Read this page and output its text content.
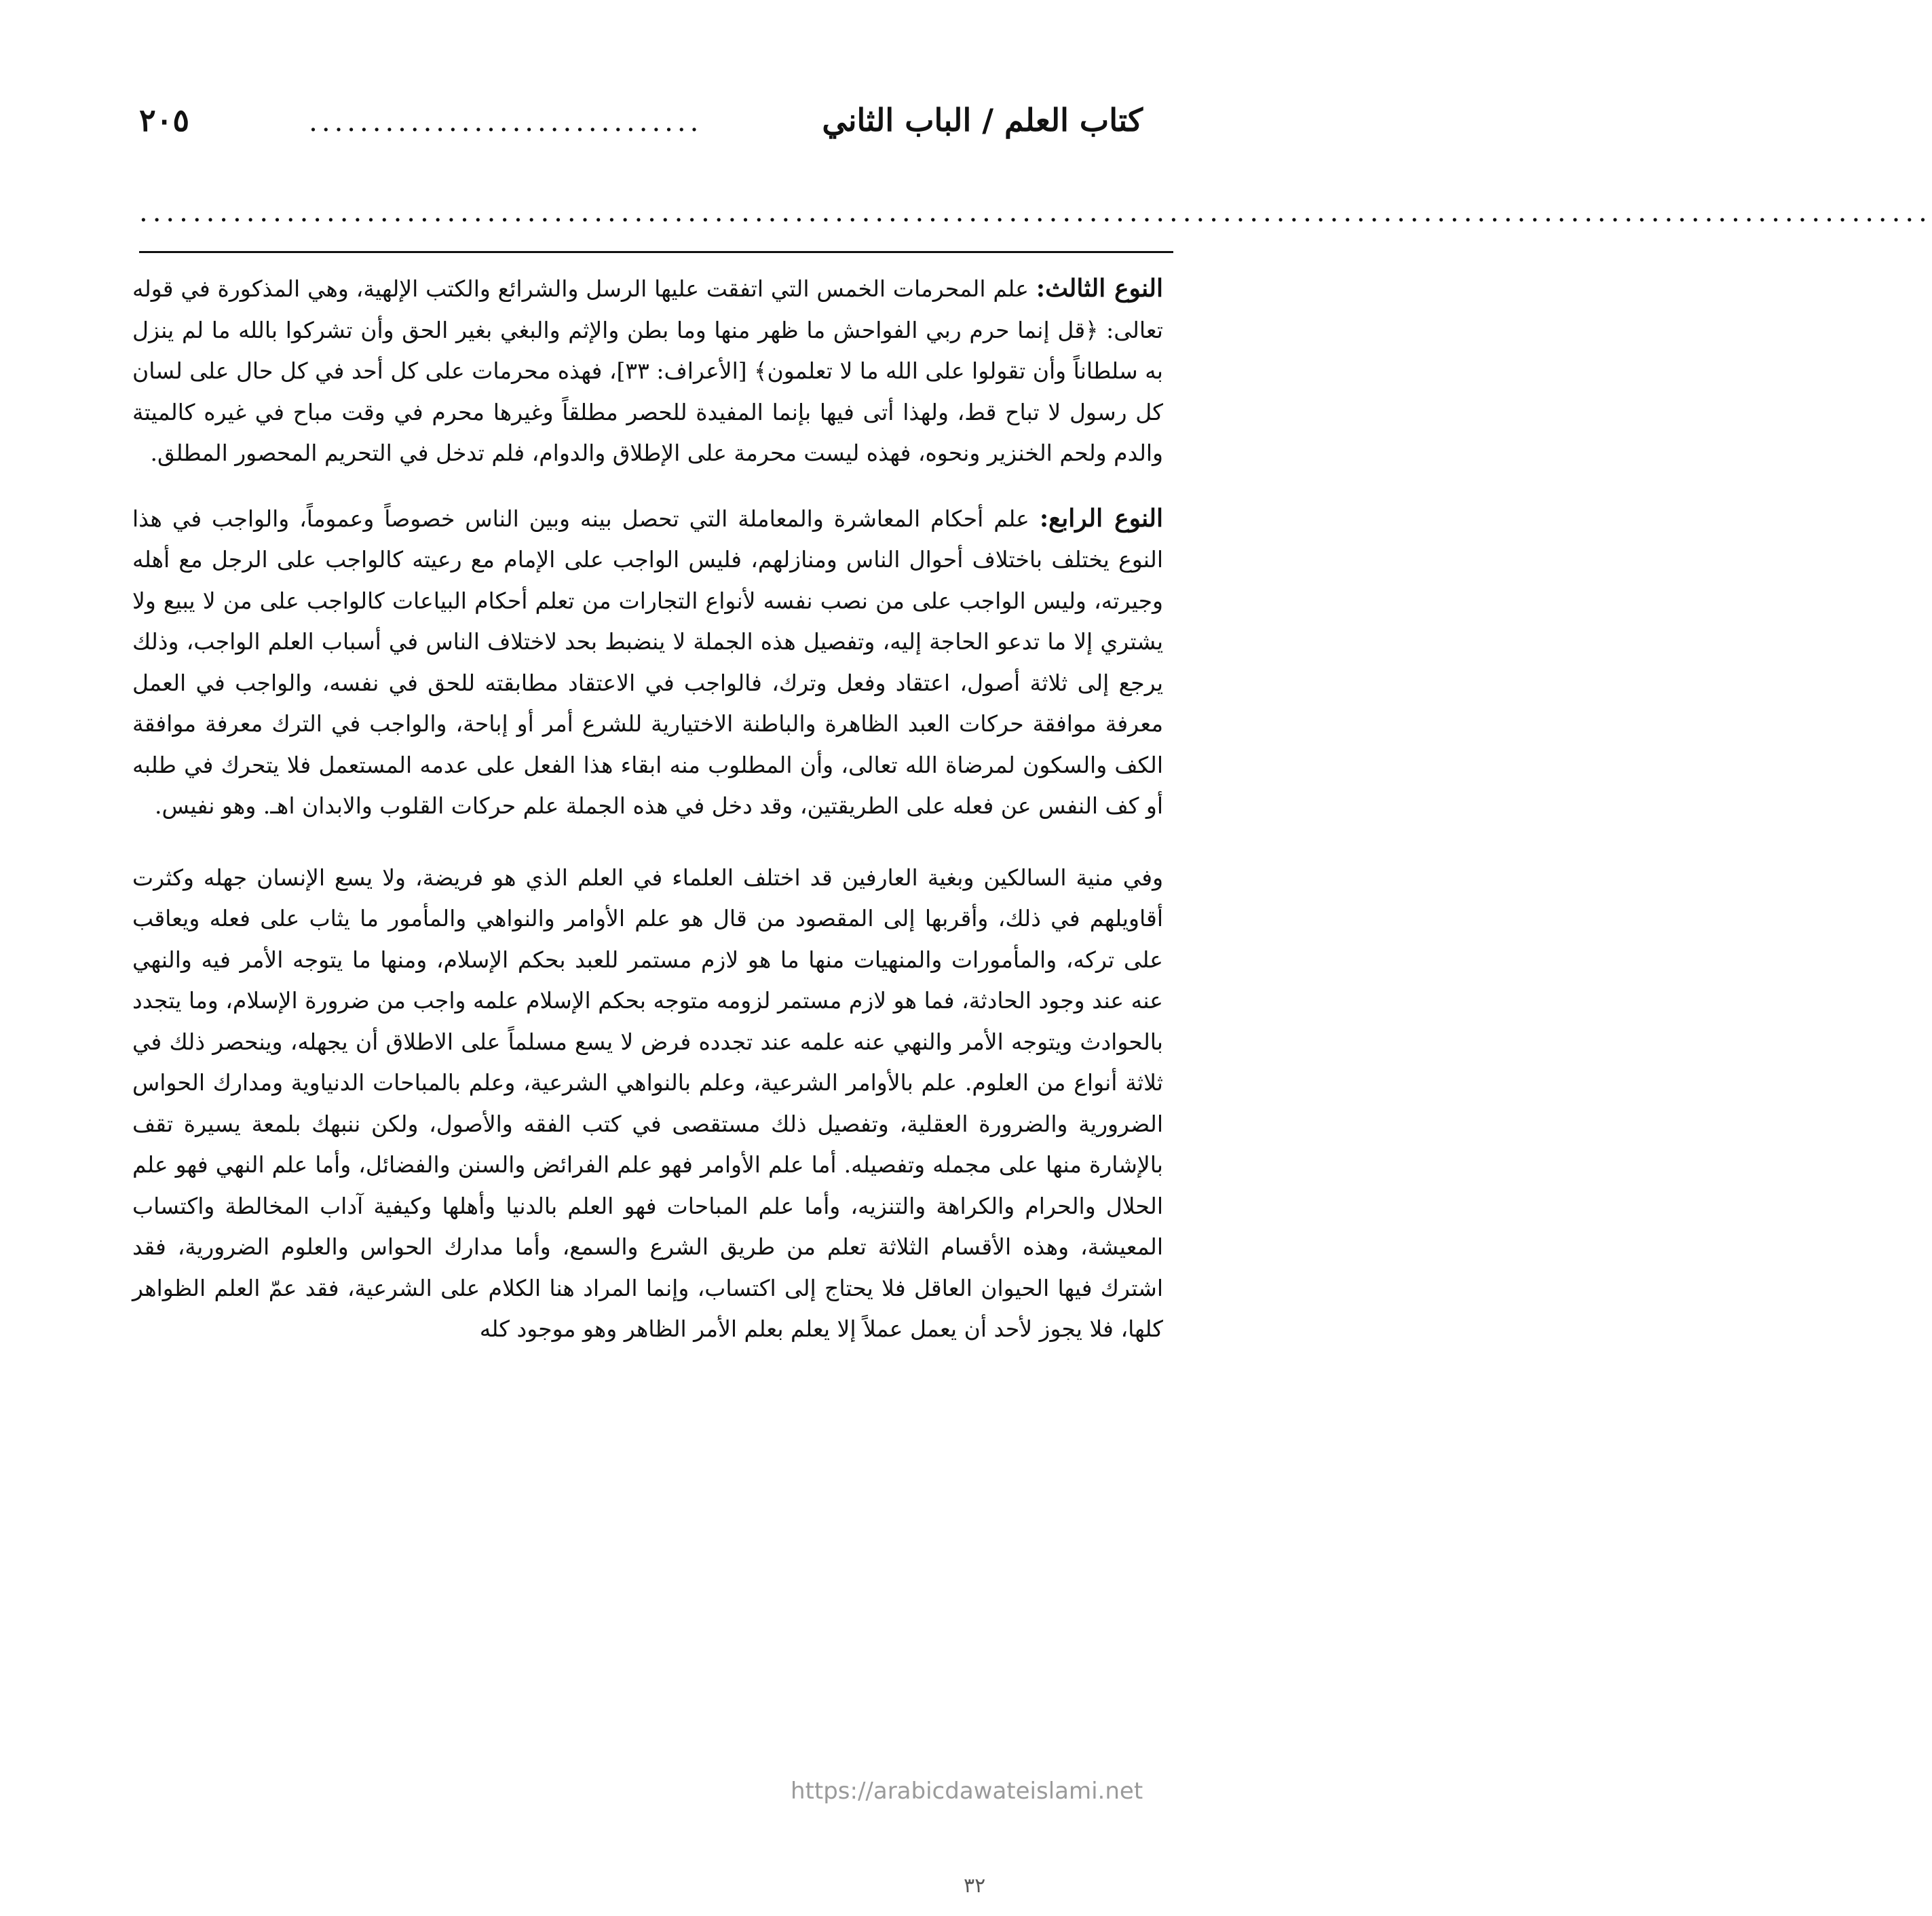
كتاب العلم / الباب الثاني
...............................
٢٠٥
......................................................................................................................................

النوع الثالث: علم المحرمات الخمس التي اتفقت عليها الرسل والشرائع والكتب الإلهية، وهي المذكورة في قوله تعالى: ﴿قل إنما حرم ربي الفواحش ما ظهر منها وما بطن والإثم والبغي بغير الحق وأن تشركوا بالله ما لم ينزل به سلطاناً وأن تقولوا على الله ما لا تعلمون﴾ [الأعراف: ٣٣]، فهذه محرمات على كل أحد في كل حال على لسان كل رسول لا تباح قط، ولهذا أتى فيها بإنما المفيدة للحصر مطلقاً وغيرها محرم في وقت مباح في غيره كالميتة والدم ولحم الخنزير ونحوه، فهذه ليست محرمة على الإطلاق والدوام، فلم تدخل في التحريم المحصور المطلق.

النوع الرابع: علم أحكام المعاشرة والمعاملة التي تحصل بينه وبين الناس خصوصاً وعموماً، والواجب في هذا النوع يختلف باختلاف أحوال الناس ومنازلهم، فليس الواجب على الإمام مع رعيته كالواجب على الرجل مع أهله وجيرته، وليس الواجب على من نصب نفسه لأنواع التجارات من تعلم أحكام البياعات كالواجب على من لا يبيع ولا يشتري إلا ما تدعو الحاجة إليه، وتفصيل هذه الجملة لا ينضبط بحد لاختلاف الناس في أسباب العلم الواجب، وذلك يرجع إلى ثلاثة أصول، اعتقاد وفعل وترك، فالواجب في الاعتقاد مطابقته للحق في نفسه، والواجب في العمل معرفة موافقة حركات العبد الظاهرة والباطنة الاختيارية للشرع أمر أو إباحة، والواجب في الترك معرفة موافقة الكف والسكون لمرضاة الله تعالى، وأن المطلوب منه ابقاء هذا الفعل على عدمه المستعمل فلا يتحرك في طلبه أو كف النفس عن فعله على الطريقتين، وقد دخل في هذه الجملة علم حركات القلوب والابدان اهـ. وهو نفيس.

وفي منية السالكين وبغية العارفين قد اختلف العلماء في العلم الذي هو فريضة، ولا يسع الإنسان جهله وكثرت أقاويلهم في ذلك، وأقربها إلى المقصود من قال هو علم الأوامر والنواهي والمأمور ما يثاب على فعله ويعاقب على تركه، والمأمورات والمنهيات منها ما هو لازم مستمر للعبد بحكم الإسلام، ومنها ما يتوجه الأمر فيه والنهي عنه عند وجود الحادثة، فما هو لازم مستمر لزومه متوجه بحكم الإسلام علمه واجب من ضرورة الإسلام، وما يتجدد بالحوادث ويتوجه الأمر والنهي عنه علمه عند تجدده فرض لا يسع مسلماً على الاطلاق أن يجهله، وينحصر ذلك في ثلاثة أنواع من العلوم. علم بالأوامر الشرعية، وعلم بالنواهي الشرعية، وعلم بالمباحات الدنياوية ومدارك الحواس الضرورية والضرورة العقلية، وتفصيل ذلك مستقصى في كتب الفقه والأصول، ولكن ننبهك بلمعة يسيرة تقف بالإشارة منها على مجمله وتفصيله. أما علم الأوامر فهو علم الفرائض والسنن والفضائل، وأما علم النهي فهو علم الحلال والحرام والكراهة والتنزيه، وأما علم المباحات فهو العلم بالدنيا وأهلها وكيفية آداب المخالطة واكتساب المعيشة، وهذه الأقسام الثلاثة تعلم من طريق الشرع والسمع، وأما مدارك الحواس والعلوم الضرورية، فقد اشترك فيها الحيوان العاقل فلا يحتاج إلى اكتساب، وإنما المراد هنا الكلام على الشرعية، فقد عمّ العلم الظواهر كلها، فلا يجوز لأحد أن يعمل عملاً إلا يعلم بعلم الأمر الظاهر وهو موجود كله

https://arabicdawateislami.net
٣٢
